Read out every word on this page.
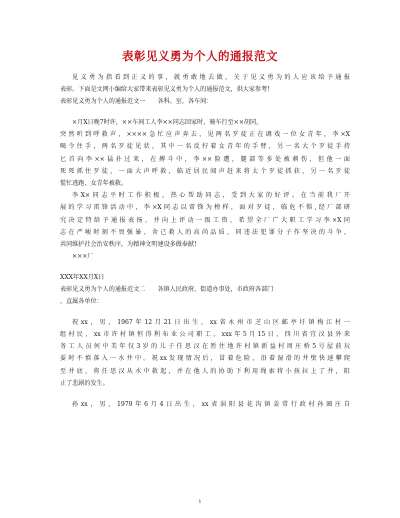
表彰见义勇为个人的通报范文
见义勇为指看到正义的事，就勇敢地去做，关于见义勇为的人应该给予通报
表彰。下面是文网小编给大家带来表彰见义勇为个人的通报范文，供大家参考!
表彰见义勇为个人的通报范文一　　各科、室，各车间：
×月X日晚7时许，××车间工人李××同志回家时，骑车行至××胡同，
突然听到呼救声，××××急忙应声奔去，见两名歹徒正在调戏一位女青年，李×X
喝令住手，两名歹徒见状，其中一名反拧着女青年的手臂，另一名大个歹徒手持
匕首向李××猛扑过来，在搏斗中，李××险遭，腿部等多处被刺伤，但他一面
死死抓住歹徒，一面大声呼救，临近居民闻声赶来将太个歹徒抓获，另一名歹徒
慌忙逃跑，女青年被救。
李X×同志平时工作积极，热心帮助同志，受到大家的好评。在当前我厂开
展的学习雷锋活动中，李×X同志以雷锋为榜样，面对歹徒，临危不惧,经厂部研
究决定特给予通报表扬，并向上评动一级工资，希望全厂广大职工学习李×X同
志在严峻时刻不畏强暴、舍己救人的高尚品质，同违法犯罪分子作坚决的斗争，
共同维护社会治安秩序，为精神文明建设多做奉献!
×××厂
XXX年XX月X日
表彰见义勇为个人的通报范文二　　各镇人民政府、街道办事处，市政府各部门
，直属各单位：
祝xx，男，1967年12月21日出生，xx省永州市芝山区邮亭圩镇梅江村一
组村民，xx市许村镇恒得利布业公司职工。xxx年5月15日，四川省宜汉县外来
务工人员何中美年仅3岁的儿子任思汉在暂住地许村镇新益村周庄桥5号屋前玩
耍时不慎落入一水井中。祝xx发现情况后，冒着危险，沿着湿滑的井壁快速攀爬
至井底，将任思汉从水中救起，并在他人的协助下利用绳索将小孩拉上了井，阻
止了悲剧的发生。
孙xx，男，1979年6月4日出生，xx省涡阳县花沟镇姜常行政村孙圈庄自
1
